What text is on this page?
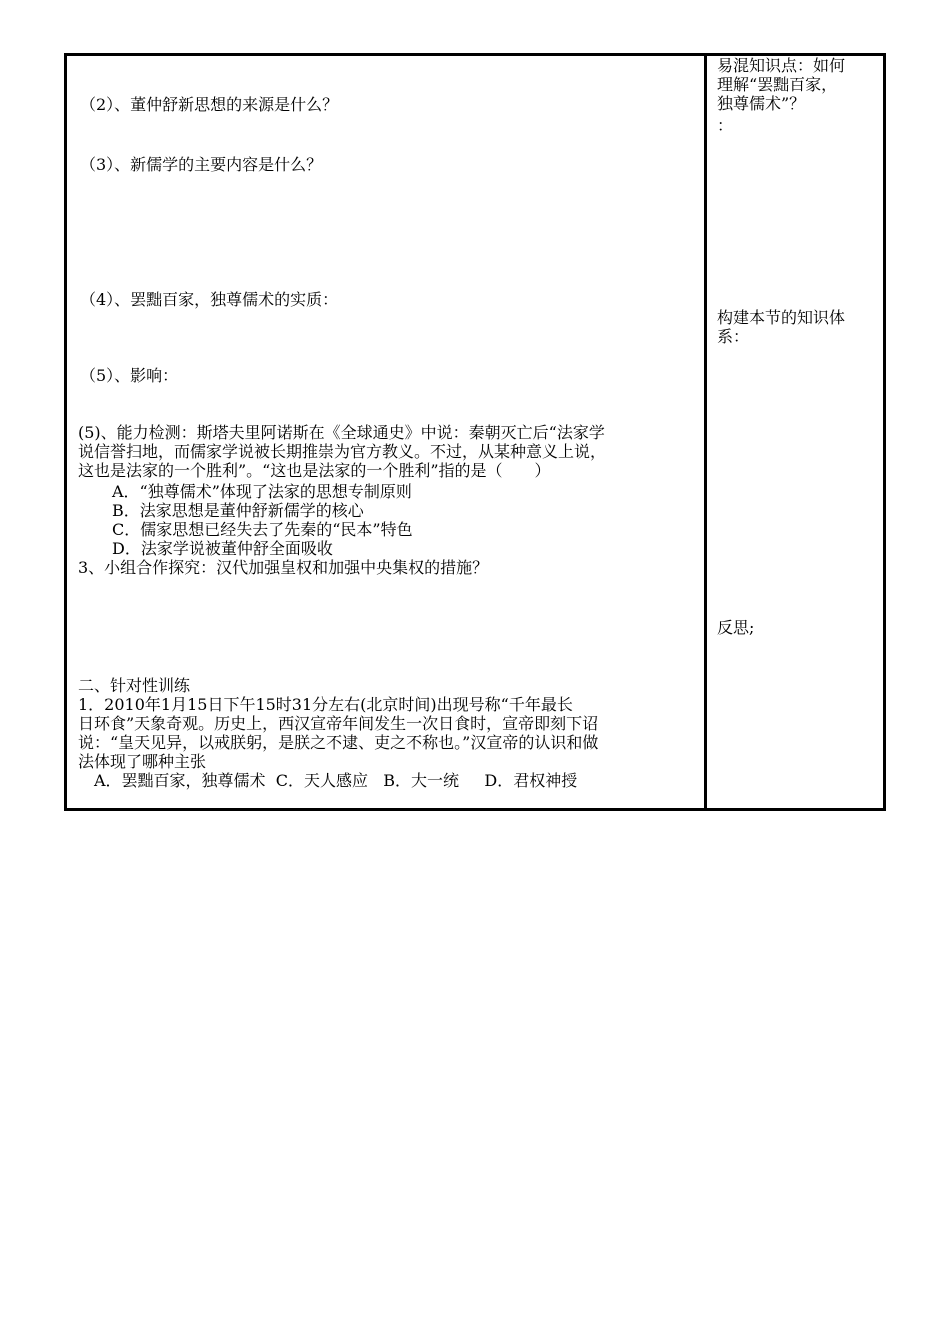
（2）、董仲舒新思想的来源是什么？
（3）、新儒学的主要内容是什么？
（4）、罢黜百家，独尊儒术的实质：
（5）、影响：
(5)、能力检测：斯塔夫里阿诺斯在《全球通史》中说：秦朝灭亡后“法家学
说信誉扫地，而儒家学说被长期推崇为官方教义。不过，从某种意义上说，
这也是法家的一个胜利”。“这也是法家的一个胜利”指的是（　　）
A．“独尊儒术”体现了法家的思想专制原则
B．法家思想是董仲舒新儒学的核心
C．儒家思想已经失去了先秦的“民本”特色
D．法家学说被董仲舒全面吸收
3、小组合作探究：汉代加强皇权和加强中央集权的措施？
二、针对性训练
1．2010年1月15日下午15时31分左右(北京时间)出现号称“千年最长
日环食”天象奇观。历史上，西汉宣帝年间发生一次日食时，宣帝即刻下诏
说：“皇天见异，以戒朕躬，是朕之不逮、吏之不称也。”汉宣帝的认识和做
法体现了哪种主张
A．罢黜百家，独尊儒术  C．天人感应   B．大一统     D．君权神授
易混知识点：如何
理解“罢黜百家，
独尊儒术”？
：
构建本节的知识体
系：
反思;
